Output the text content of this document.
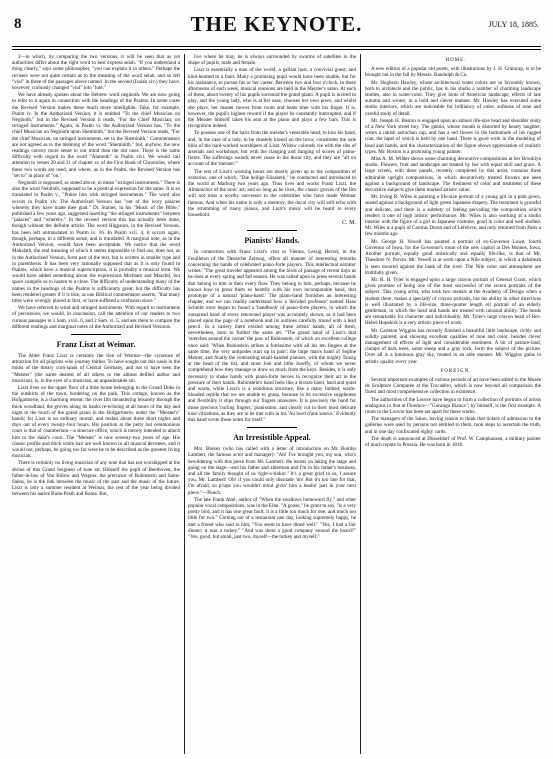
8	THE KEYNOTE.	JULY 18, 1885.

2—in which, by comparing the two versions, it will be seen that as yet authorities differ about the right word to best express selah. "If you understand a thing clearly," says some philosopher, "you can explain it to others." Perhaps the revisers were not quite certain as to the meaning of the word selah, and so left "viol" in three of the passages above named. In the second (Isaiah xiv.) they have, however, curiously changed "viol" into "lute."

We have already spoken about the Hebrew word neginoth. We are now going to refer to it again in connection with the headings of the Psalms. In some cases the Revised Version makes these much more intelligible. Take, for example, Psalm iv. In the Authorized Version, it is entitled "To the chief Musician on Neginoth," but in the Revised Version it reads, "For the Chief Musician; on stringed instruments." Again, in Psalm vi. the Authorized Version has, "To the chief Musician on Neginoth upon Sheminith," but the Revised Version reads, "For the chief Musician; on stringed instruments, set to the Sheminith." Commentators are not agreed as to the meaning of the word "Sheminith," but, anyhow, the new readings convey more sense to our mind than the old ones. There is the same difficulty with regard to the word "Alamoth" in Psalm xlvi. We would call attention to verses 20 and 21 of chapter xv of the First Book of Chronicles, where these two words are used, and where, as in the Psalm, the Revised Version has "set to" in place of "on."

Neginoth is supposed, as stated above, to mean "stringed instruments." There is also the word Nehiloth, supposed to be a poetical expression for the same. It is so translated in Psalm v., "Praise him with stringed instruments." The word also occurs in Psalm xlv. The Authorized Version has "out of the ivory palaces whereby they have made thee glad." Dr. Stainer, in his "Music of the Bible," published a few years ago, suggested inserting "the stringed instruments" between "palaces" and "whereby." In the revised version this has actually been done, though without the definite article. The word Higgaion, in the Revised Version, has been left untranslated in Psalm ix. 16. In Psalm xcii. 4, it occurs again, though, perhaps, in a different sense, and is translated. A marginal note, as in the Authorized Version, would have been acceptable. We notice that the word Mahalath, the real meaning of which it seems impossible to find out, does not, as in the Authorized Version, form part of the text, but is written in smaller type and in parenthesis. It has been very rationally supposed that as it is only found in Psalms, which have a musical superscription, it is probably a musical term. We would have added something about the expressions Michtam and Maschil, but space compels us to hasten to a close. The difficulty of understanding many of the names in the headings of the Psalms is sufficiently great, but the difficulty has been rendered greater if it is true, as one Biblical commentator asserts, "that many titles were wrongly placed at first, or have suffered a confusion since."

We have referred to wind and stringed instruments. With regard to instruments of percussion, we would, in conclusion, call the attention of our readers to two curious passages in 1 Sam. xviii. 6, and 2 Sam. vi. 5, and ask them to compare the different readings and marginal notes of the Authorized and Revised Versions.

Franz Liszt at Weimar.

The Abbé Franz Liszt is certainly the lion of Weimar—the cynosure of attraction for all pilgrims who journey thither. To have sought out this oasis in the midst of the dreary corn-lands of Central Germany, and not to have seen the "Meister" (the name dearest of all others to the almost deified author and musician), is, in the eyes of a musician, an unpardonable sin.

Liszt lives on the upper floor of a little house belonging to the Grand Duke in the outskirts of the town, bordering on the park. This cottage, known as the Hofgartnerie, is a charming retreat: the river Ilm meandering leisurely through the thick woodland, the groves along its banks re-echoing at all hours of the day and night to the touch of the grand piano in the Hofgartnerie, under the "Meister's" hands; for Liszt is no ordinary mortal, and makes about three short nights and days out of every twenty-four hours. His position at the petty but ceremonious court is that of chamberlain—a sinecure office, which is merely intended to attach him to the duke's court. The "Meister" is now seventy-two years of age. His classic profile and thick white hair are well known to all musical devotees, and it would not, perhaps, be going too far were he to be described as the greatest living musician.

There is certainly no living musician of any note that has not worshipped at the shrine of this Grand Seigneur of tone art. Himself the pupil of Beethoven, the father-in-law of Von Bülow and Wagner, the precursor of Rubinstein and Saint-Saëns, he is the link between the music of the past and the music of the future. Liszt is only a summer resident at Weimar, the rest of the year being divided between his native Buda-Pesth and Rome. But,

live where he may, he is always surrounded by swarms of satellites in the shape of pupils, male and female.

Liszt is essentially a man of the world, a gallant host, a convivial guest, and kind-hearted to a fault. Many a promising pupil would have been unable, but for his assistance, to pursue his or her career. Between two and four o'clock, in these afternoons of each week, musical reunions are held in the Meister's salon. At each of these, about twenty of his pupils surround the grand piano. A pupil is invited to play, and the young lady, who is at her ease, chooses her own piece, and whilst she plays, her master moves from room and beats time with his finger. It is, however, the pupil's highest reward if the player be constantly interrupted, and if the Meister himself takes his seat at the piano and plays a few bars. This is recognition indeed.

To possess one of the hairs from the meister's venerable head, to kiss his hand, and, in the case of a lady, to be chastely kissed on the brow, constitutes the sole bliss of the hard-worked worshipers of Liszt. Widow colonels vie with the ribs of arsenals and workshops, but with the clanging and banging of scores of piano-fortes. The sufferings sounds never cease in the ducal city, and they are "all on account of the 'meister.'"

The rest of Liszt's working hours are mostly given up to the composition of oratorios, one of which, "Die heilige Elisabeth," he conducted and introduced to the world at Marburg two years ago. Thus lives and works Franz Liszt, the Almanichor of the tonic art; and so long as he lives, the classic groves of the Ilm will not miss a worthy successor to the celebrities who have made Weimar famous. And when his name is only a memory, the ducal city will still echo with the strumming of many pianos, and Liszt's music will be heard in every household.

C. M.

Pianists' Hands.

In connection with Franz Liszt's visit to Vienna, Lessig Herzel, in the Feuilleton of the Deutsche Zeitung, offers all manner of interesting remarks concerning the hands of celebrated piano-forte players. This intellectual narrator writes: "The great traveler appeared among the birds of passage of recent days as he does at every spring and fall season. He was called upon to press several hands that belong to him in their every flow. They belong to him, perhaps, because he knows how to press them so heartily with his own incomparable hand, that prototype of a natural 'piano-hand.' The piano-hand furnishes an interesting chapter, and we can readily understand how a 'decided professor' named Hans Schmitt once began to found a 'handbook' of piano-forte players, in which the outspread hand of every renowned player was accurately shown, as it had been placed upon the page of a notebook and its outlines carefully traced with a lead pencil. In a variety there existed among these artists' hands, all of them, nevertheless, born to further the same art. "The grand hand of Liszt's that 'stretches around the corner' the paw of Rubinstein, of which an excellent college once said: 'When Rubinstein strikes a fortissimo with all his ten fingers at the same time, the very antipodes start up in pain'; the large man's hand of Sophie Menter, and finally the contrasting small-handed pianists, with the mighty Tausig at the head of the list, and stout Joel and little Joseffy, of whom we never comprehend how they manage to draw so much from the keys. Besides, it is only necessary to shake hands with piano-forte heroes to recognize their art in the pressure of their hands. Rubinstein's hand feels like a bronze hand, hard and quiet and warm, while Liszt's is a wondrous structure, like a many limbed, warm-blooded reptile that we are unable to grasp, because in its excessive suppleness and flexibility it slips through our fingers unawares. It is precisely the hand for those precious 'curling fingers,' pianissimo, and clearly cut in their most delicate tone vibrations, as they are to be met with in his 'Au bord d'une source.' Evidently this hand wrote those notes for itself."

An Irresistible Appeal.

Mrs. Blokey (who has called with a letter of introduction on Mr. Bombo Lambert, the famous actor and manager): "Ah! I've brought you, my son, who's bewildering with this piece from Mr. Lambert. He insists on taking the stage and going on the stage—and his father and alderman and I'm in his father's business, and all the family thought of us 'tight-o-tinkin'.' It's a great grief to us, I assure you, Mr. Lambert! Oh! if you could only dissuade 'im! But it's too late for that, I'm afraid, so p'raps you wouldn't mind givin' him a leadin' part in your next piece."—Punch.

The late Frank Abel, author of "When the swallows homeward fly," and other popular vocal compositions, was in the Elbe. "A goose," he grunt to say, "is a very pretty bird, and it has one great fault; it is a little too much for one, and much too little for two." Coming out of a restaurant one day, looking supremely happy, he met a friend who said to him, "You seem to have dined well." "Yes, I had a fair dinner; it was a turkey." "And was there a good company around the board?" "Yes, good, but small, just two, myself—the turkey and myself."

HOME.

A new edition of a popular old poem, with illustrations by J. H. Gratacap, is to be brought out in the fall by Messrs. Randolph & Co.

Mr. Hughson Hawley, whose architectural water colors are so favorably known, both to architects and the public, has in his studio a number of charming landscape studies, also in water-color. They give hints of American landscape, effects of late autumn and winter, in a bold and clever manner. Mr. Hawley has executed some studio interiors, which are noticeable for brilliancy of color, softness of tone and careful study of detail.

Mr. Joseph H. Boston is engaged upon an almost life-size head and shoulder study of a New York street boy. The gamin, whose mouth is distorted by hearty laughter, wears a rakish astrachan cap, and has a red flower in the buttonhole of his ragged coat, the lapel of which is held by one hand. There is good work in the modeling of head and hands, and the characterization of the figure shows appreciation of realistic types. Mr. Boston is a promising young painter.

Miss A. M. Wilder shows some charming decorative compositions at her Brooklyn studio. Flowers, fruit and landscape are treated by her with equal skill and grace. A large screen, with three panels, recently completed by this artist, contains three admirable upright compositions, in which decoratively treated flowers are seen against a background of landscape. The freshness of color and treatment of these decorative subjects give them marked artistic value.

Mr. Irving R. Wiles is painting a life-size portrait of a young girl in a pink gown, seated against a background of light green Japanese drapery. The treatment is graceful and delicate, and there is a subtlety of feeling pervading the composition which renders it one of high artistic performance. Mr. Wiles is also working at a studio interior with the figure of a girl in Japanese costume, good in color and well studied. Mr. Wiles is a pupil of Carolus Duran and of Lefebvre, and only returned from Paris a few months ago.

Mr. George H. Yewell has painted a portrait of ex-Governor Lowe, fourth Governor of Iowa, for the Governor's room of the new capitol at Des Moines, Iowa. Another portrait, equally good artistically and equally life-like, is that of Mr. Theodore N. Parvin. Mr. Yewell is at work upon a Nile subject, in which a dahabeah is seen moored against the bank of the river. The Nile color and atmosphere are truthfully given.

Mr. R. H. Tyler is engaged upon a large crayon portrait of General Grant, which gives promise of being one of the most successful of the recent portraits of the subject. This young artist, who took two medals at the Academy of Design when a student there, makes a specialty of crayon portraits, but his ability in other directions is well illustrated by a life-size, three-quarter length oil portrait of an elderly gentleman, in which the head and hands are treated with unusual ability. The heads are remarkable for character and individuality. Mr. Tyler's large crayon head of Rev. Heber Hopekirk is a very artistic piece of work.

Mr. Carleton Wiggins has recently finished a beautiful little landscape, richly and solidly painted, and showing excellent qualities of tone and color, besides clever management of effects of light and considerable sentiment. A bit of pasture-land, clumps of dark trees, some sheep and a gray rock, form the subject of the picture. Over all is a luminous gray sky, treated in an able manner. Mr. Wiggins gains in artistic quality every year.

FOREIGN.

Several important examples of various periods of art have been added to the Musée de Sculpture Comparée at the Trocadéro, which is now beyond all comparison the finest and most comprehensive collection in existence.

The authorities of the Louvre have begun to form a collection of portraits of artists analogous to that at Florence—"Gonzaga Bianca"; by himself, is the first example. A room in the Louvre has been set apart for these works.

The managers of the Salon, having reason to think that tickets of admission to the galleries were used by persons not entitled to them, took steps to ascertain the truth, and in one day confiscated eighty cards.

The death is announced at Düsseldorf of Prof. W. Camphausen, a military painter of much repute in Prussia. He was born in 1818.
